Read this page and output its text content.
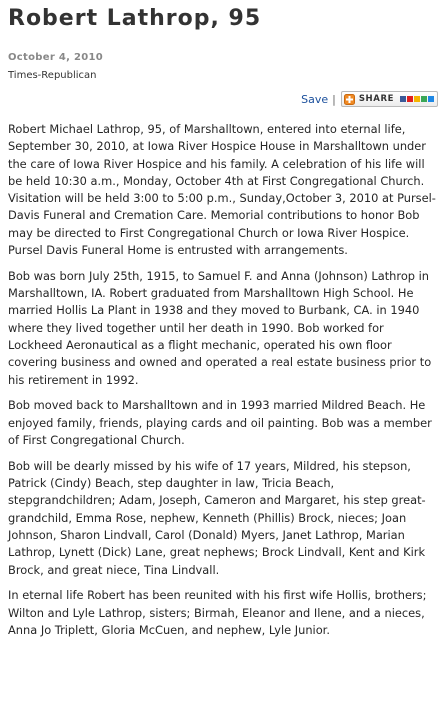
Robert Lathrop, 95
October 4, 2010
Times-Republican
Save |	SHARE

Robert Michael Lathrop, 95, of Marshalltown, entered into eternal life, September 30, 2010, at Iowa River Hospice House in Marshalltown under the care of Iowa River Hospice and his family. A celebration of his life will be held 10:30 a.m., Monday, October 4th at First Congregational Church. Visitation will be held 3:00 to 5:00 p.m., Sunday,October 3, 2010 at Pursel-Davis Funeral and Cremation Care. Memorial contributions to honor Bob may be directed to First Congregational Church or Iowa River Hospice. Pursel Davis Funeral Home is entrusted with arrangements.

Bob was born July 25th, 1915, to Samuel F. and Anna (Johnson) Lathrop in Marshalltown, IA. Robert graduated from Marshalltown High School. He married Hollis La Plant in 1938 and they moved to Burbank, CA. in 1940 where they lived together until her death in 1990. Bob worked for Lockheed Aeronautical as a flight mechanic, operated his own floor covering business and owned and operated a real estate business prior to his retirement in 1992.

Bob moved back to Marshalltown and in 1993 married Mildred Beach. He enjoyed family, friends, playing cards and oil painting. Bob was a member of First Congregational Church.

Bob will be dearly missed by his wife of 17 years, Mildred, his stepson, Patrick (Cindy) Beach, step daughter in law, Tricia Beach, stepgrandchildren; Adam, Joseph, Cameron and Margaret, his step great-grandchild, Emma Rose, nephew, Kenneth (Phillis) Brock, nieces; Joan Johnson, Sharon Lindvall, Carol (Donald) Myers, Janet Lathrop, Marian Lathrop, Lynett (Dick) Lane, great nephews; Brock Lindvall, Kent and Kirk Brock, and great niece, Tina Lindvall.

In eternal life Robert has been reunited with his first wife Hollis, brothers; Wilton and Lyle Lathrop, sisters; Birmah, Eleanor and Ilene, and a nieces, Anna Jo Triplett, Gloria McCuen, and nephew, Lyle Junior.
